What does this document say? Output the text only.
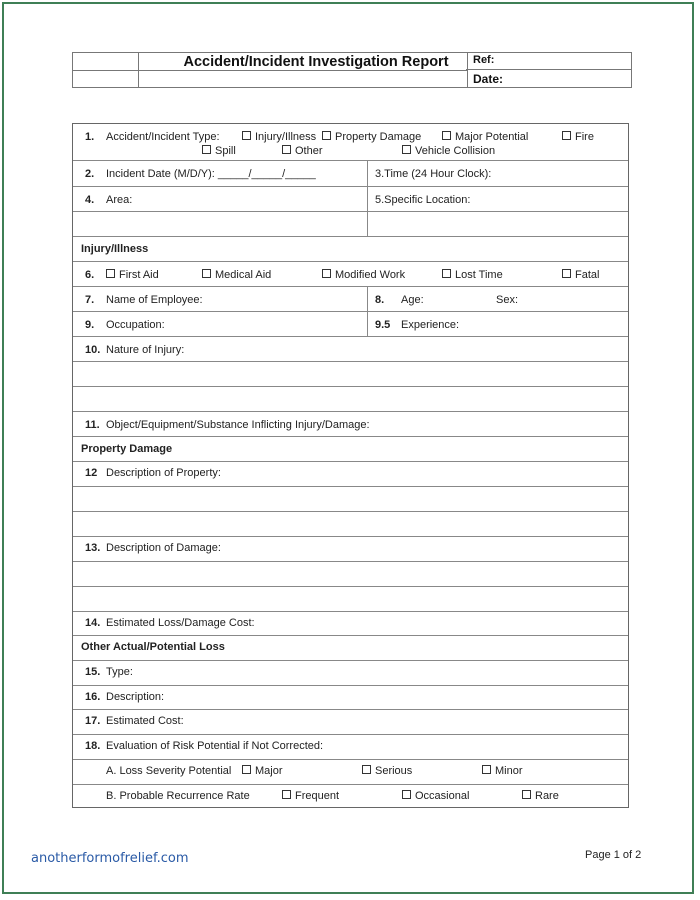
Accident/Incident Investigation Report	Ref:
Date:
1. Accident/Incident Type:	Injury/Illness	Property Damage	Major Potential	Fire
Spill	Other	Vehicle Collision
2. Incident Date (M/D/Y): _____/_____/_____	3.Time (24 Hour Clock):
4. Area:	5.Specific Location:
Injury/Illness
6.	First Aid	Medical Aid	Modified Work	Lost Time	Fatal
7. Name of Employee:	8. Age:	Sex:
9. Occupation:	9.5 Experience:
10. Nature of Injury:
11. Object/Equipment/Substance Inflicting Injury/Damage:
Property Damage
12 Description of Property:
13. Description of Damage:
14. Estimated Loss/Damage Cost:
Other Actual/Potential Loss
15. Type:
16. Description:
17. Estimated Cost:
18. Evaluation of Risk Potential if Not Corrected:
A. Loss Severity Potential	Major	Serious	Minor
B. Probable Recurrence Rate	Frequent	Occasional	Rare
anotherformofrelief.com	Page 1 of 2
